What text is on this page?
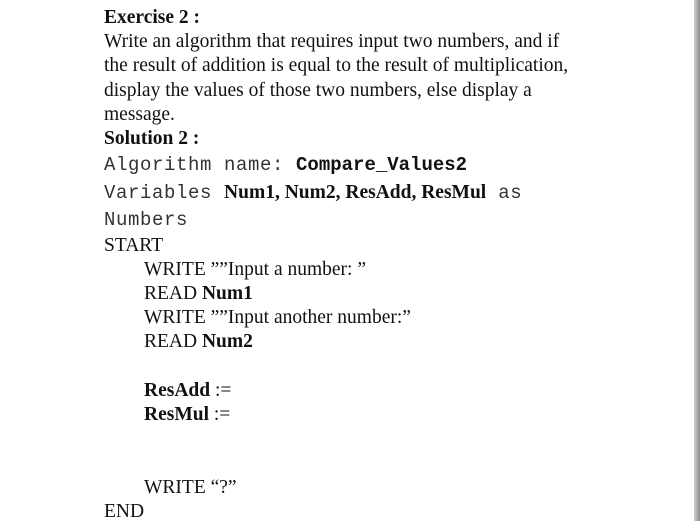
Exercise 2 :
Write an algorithm that requires input two numbers, and if
the result of addition is equal to the result of multiplication,
display the values of those two numbers, else display a
message.
Solution 2 :
Algorithm name: Compare_Values2
Variables Num1, Num2, ResAdd, ResMul as
Numbers
START
WRITE ””Input a number: ”
READ Num1
WRITE ””Input another number:”
READ Num2
ResAdd :=
ResMul :=
WRITE “?”
END
